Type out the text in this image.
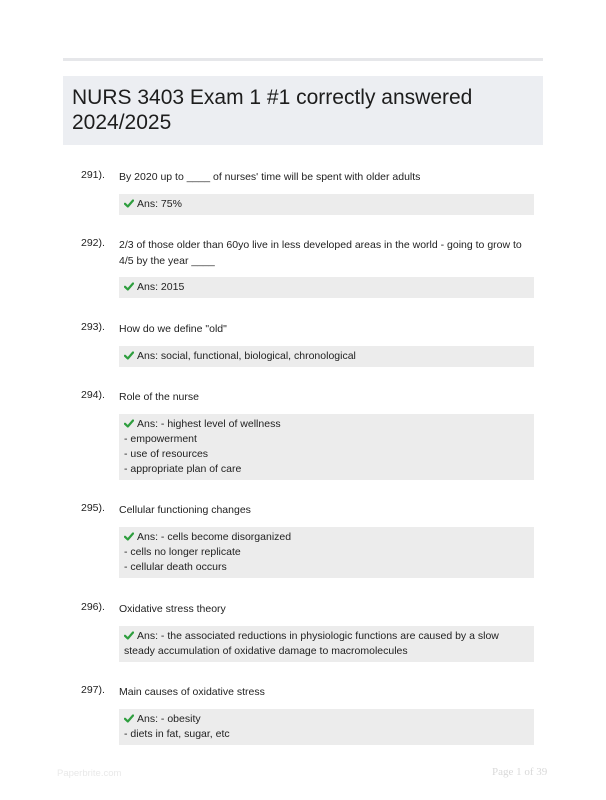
NURS 3403 Exam 1 #1 correctly answered 2024/2025
291). By 2020 up to ____ of nurses' time will be spent with older adults
Ans: 75%
292). 2/3 of those older than 60yo live in less developed areas in the world - going to grow to 4/5 by the year ____
Ans: 2015
293). How do we define "old"
Ans: social, functional, biological, chronological
294). Role of the nurse
Ans: - highest level of wellness
- empowerment
- use of resources
- appropriate plan of care
295). Cellular functioning changes
Ans: - cells become disorganized
- cells no longer replicate
- cellular death occurs
296). Oxidative stress theory
Ans: - the associated reductions in physiologic functions are caused by a slow steady accumulation of oxidative damage to macromolecules
297). Main causes of oxidative stress
Ans: - obesity
- diets in fat, sugar, etc
Paperbrite.com	Page 1 of 39
